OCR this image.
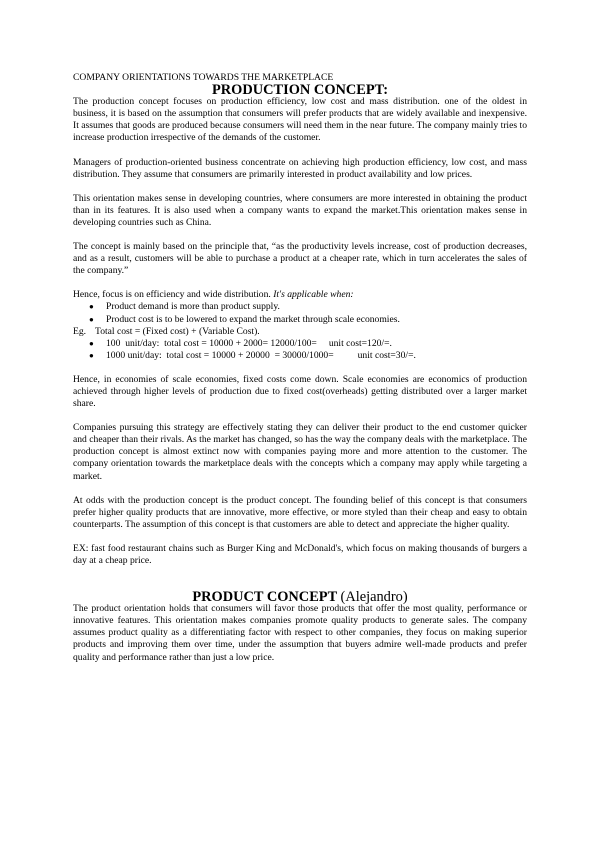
COMPANY ORIENTATIONS TOWARDS THE MARKETPLACE
PRODUCTION CONCEPT:

The production concept focuses on production efficiency, low cost and mass distribution. one of the oldest in business, it is based on the assumption that consumers will prefer products that are widely available and inexpensive. It assumes that goods are produced because consumers will need them in the near future. The company mainly tries to increase production irrespective of the demands of the customer.

Managers of production-oriented business concentrate on achieving high production efficiency, low cost, and mass distribution. They assume that consumers are primarily interested in product availability and low prices.

This orientation makes sense in developing countries, where consumers are more interested in obtaining the product than in its features. It is also used when a company wants to expand the market.This orientation makes sense in developing countries such as China.

The concept is mainly based on the principle that, “as the productivity levels increase, cost of production decreases, and as a result, customers will be able to purchase a product at a cheaper rate, which in turn accelerates the sales of the company.”

Hence, focus is on efficiency and wide distribution. It's applicable when:

● Product demand is more than product supply.
● Product cost is to be lowered to expand the market through scale economies.

Eg. Total cost = (Fixed cost) + (Variable Cost).

● 100  unit/day:  total cost = 10000 + 2000= 12000/100=     unit cost=120/=.
● 1000 unit/day:  total cost = 10000 + 20000  = 30000/1000=          unit cost=30/=.

Hence, in economies of scale economies, fixed costs come down. Scale economies are economics of production achieved through higher levels of production due to fixed cost(overheads) getting distributed over a larger market share.

Companies pursuing this strategy are effectively stating they can deliver their product to the end customer quicker and cheaper than their rivals. As the market has changed, so has the way the company deals with the marketplace. The production concept is almost extinct now with companies paying more and more attention to the customer. The company orientation towards the marketplace deals with the concepts which a company may apply while targeting a market.

At odds with the production concept is the product concept. The founding belief of this concept is that consumers prefer higher quality products that are innovative, more effective, or more styled than their cheap and easy to obtain counterparts. The assumption of this concept is that customers are able to detect and appreciate the higher quality.

EX: fast food restaurant chains such as Burger King and McDonald's, which focus on making thousands of burgers a day at a cheap price.

PRODUCT CONCEPT (Alejandro)

The product orientation holds that consumers will favor those products that offer the most quality, performance or innovative features. This orientation makes companies promote quality products to generate sales. The company assumes product quality as a differentiating factor with respect to other companies, they focus on making superior products and improving them over time, under the assumption that buyers admire well-made products and prefer quality and performance rather than just a low price.
